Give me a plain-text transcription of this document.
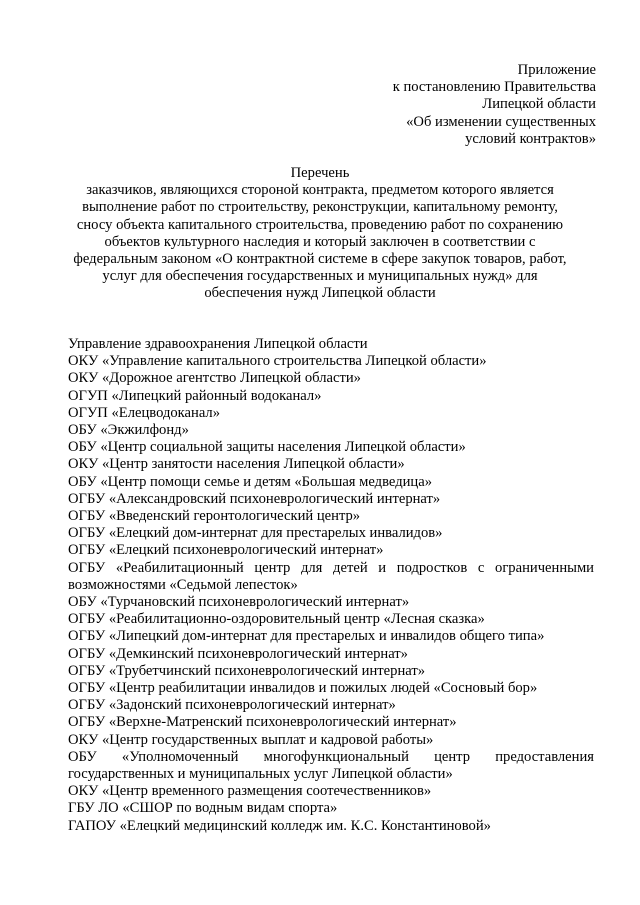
Приложение
к постановлению Правительства
Липецкой области
«Об изменении существенных
условий контрактов»
Перечень
заказчиков, являющихся стороной контракта, предметом которого является
выполнение работ по строительству, реконструкции, капитальному ремонту,
сносу объекта капитального строительства, проведению работ по сохранению
объектов культурного наследия и который заключен в соответствии с
федеральным законом «О контрактной системе в сфере закупок товаров, работ,
услуг для обеспечения государственных и муниципальных нужд» для
обеспечения нужд Липецкой области
Управление здравоохранения Липецкой области
ОКУ «Управление капитального строительства Липецкой области»
ОКУ «Дорожное агентство Липецкой области»
ОГУП «Липецкий районный водоканал»
ОГУП «Елецводоканал»
ОБУ «Экжилфонд»
ОБУ «Центр социальной защиты населения Липецкой области»
ОКУ «Центр занятости населения Липецкой области»
ОБУ «Центр помощи семье и детям «Большая медведица»
ОГБУ «Александровский психоневрологический интернат»
ОГБУ «Введенский геронтологический центр»
ОГБУ «Елецкий дом-интернат для престарелых инвалидов»
ОГБУ «Елецкий психоневрологический интернат»
ОГБУ «Реабилитационный центр для детей и подростков с ограниченными возможностями «Седьмой лепесток»
ОБУ «Турчановский психоневрологический интернат»
ОГБУ «Реабилитационно-оздоровительный центр «Лесная сказка»
ОГБУ «Липецкий дом-интернат для престарелых и инвалидов общего типа»
ОГБУ «Демкинский психоневрологический интернат»
ОГБУ «Трубетчинский психоневрологический интернат»
ОГБУ «Центр реабилитации инвалидов и пожилых людей «Сосновый бор»
ОГБУ «Задонский психоневрологический интернат»
ОГБУ «Верхне-Матренский психоневрологический интернат»
ОКУ «Центр государственных выплат и кадровой работы»
ОБУ «Уполномоченный многофункциональный центр предоставления государственных и муниципальных услуг Липецкой области»
ОКУ «Центр временного размещения соотечественников»
ГБУ ЛО «СШОР по водным видам спорта»
ГАПОУ «Елецкий медицинский колледж им. К.С. Константиновой»
